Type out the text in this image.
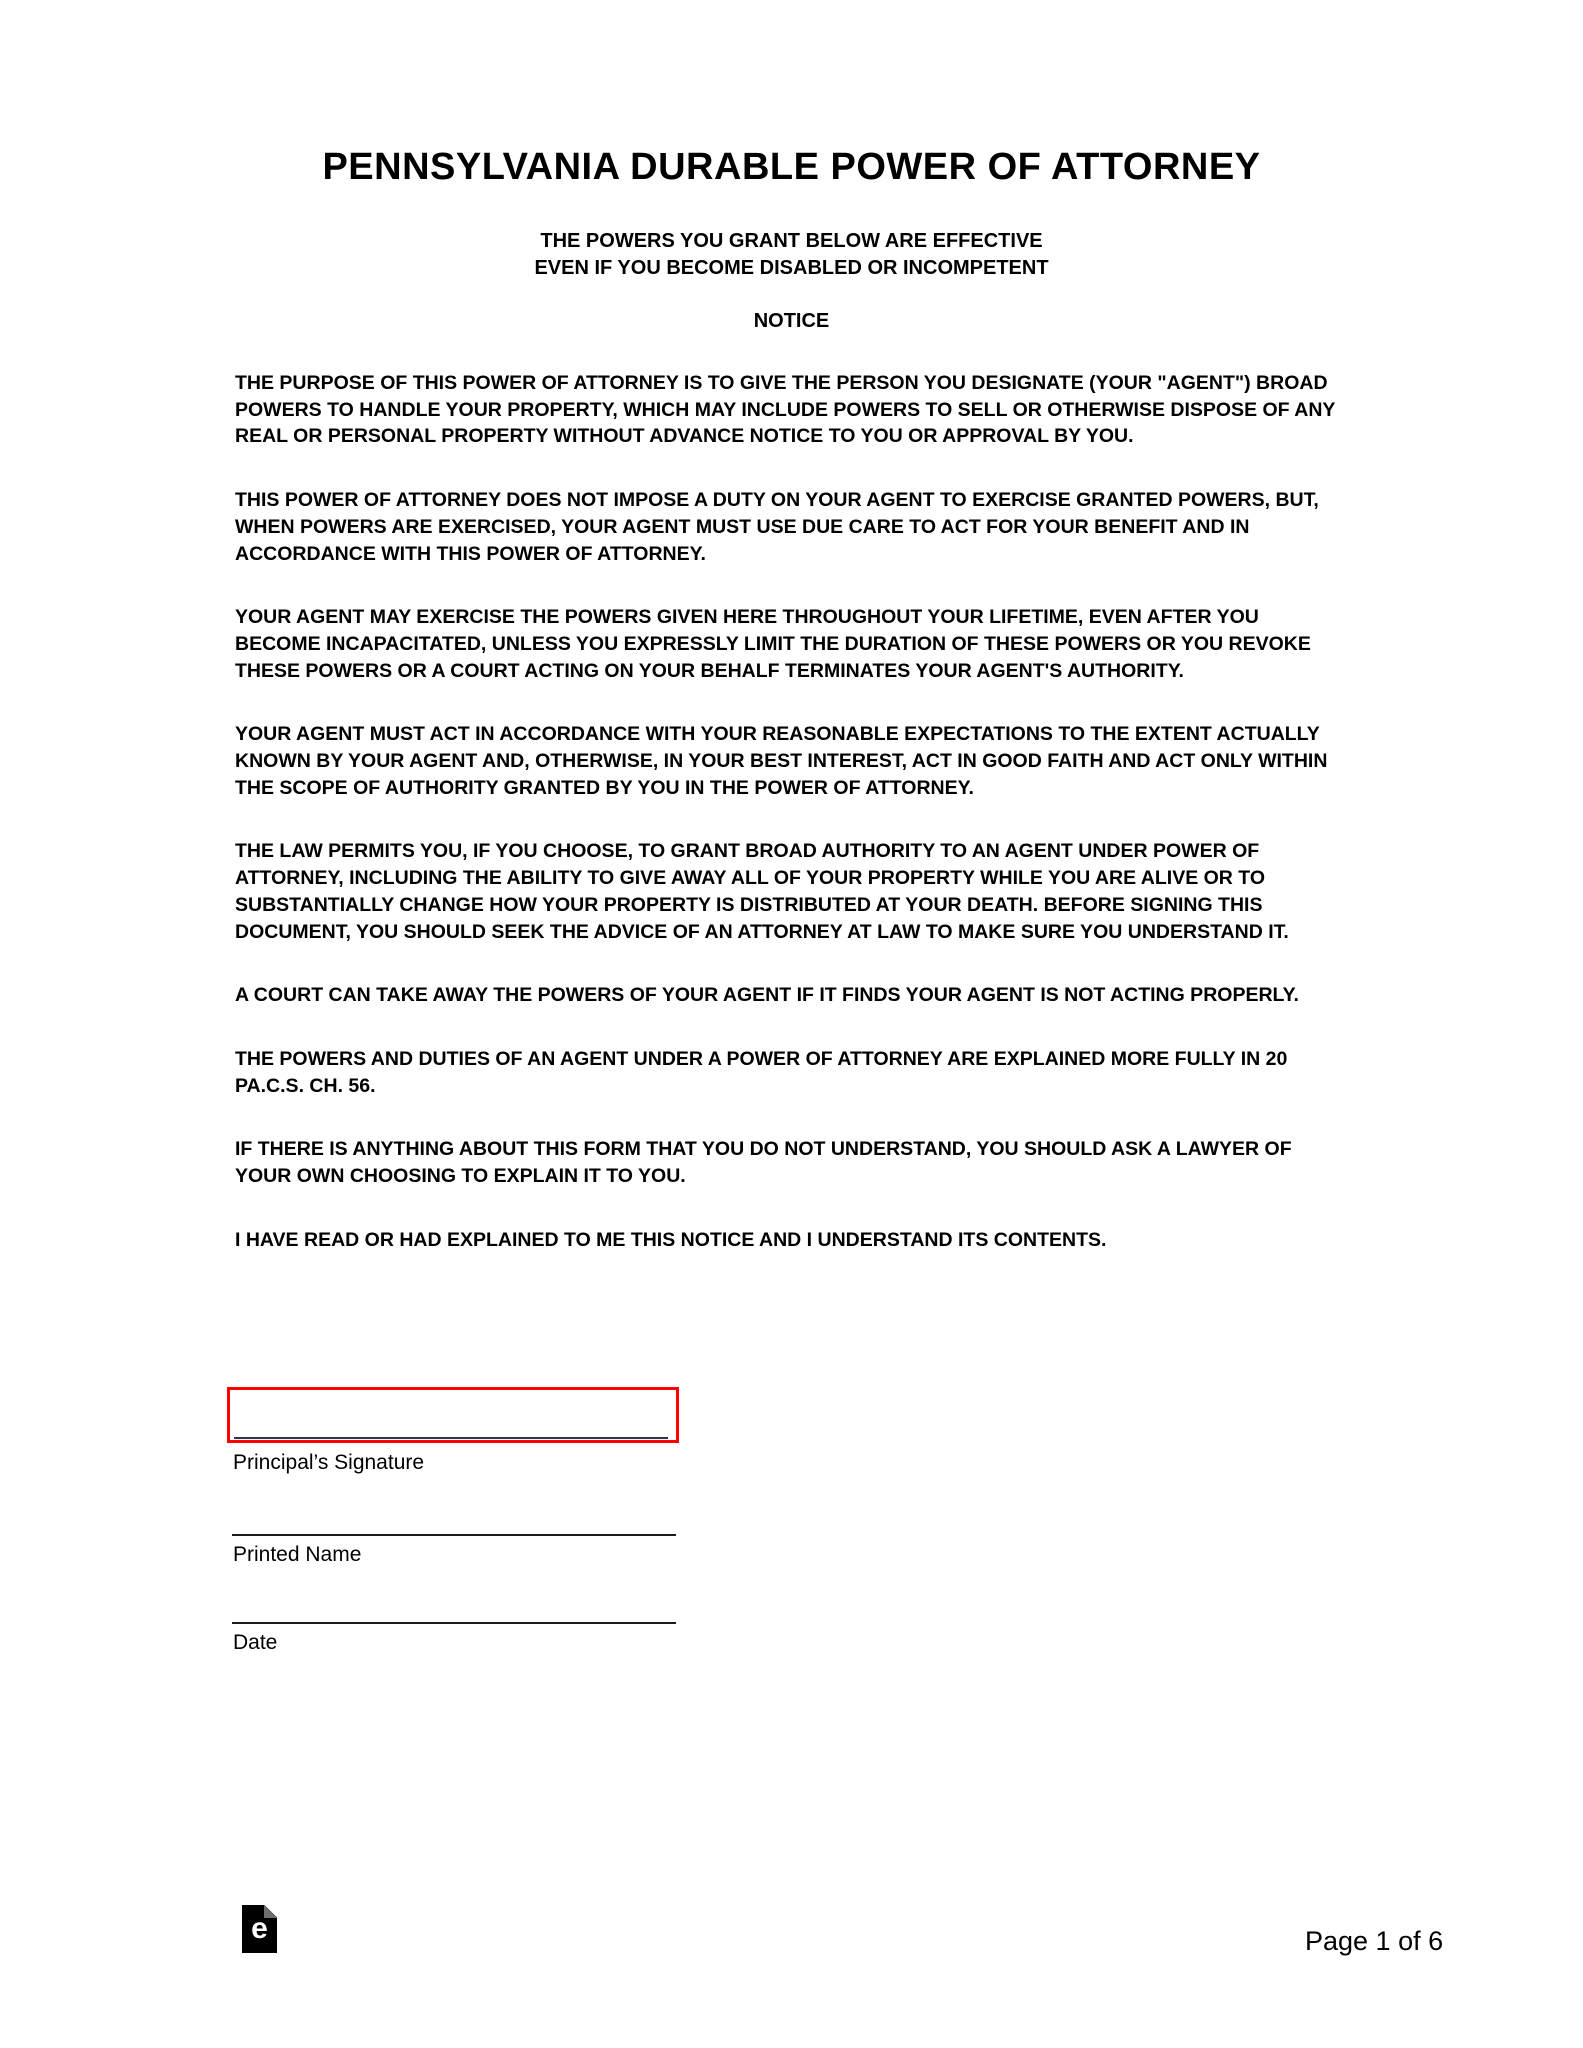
PENNSYLVANIA DURABLE POWER OF ATTORNEY
THE POWERS YOU GRANT BELOW ARE EFFECTIVE
EVEN IF YOU BECOME DISABLED OR INCOMPETENT
NOTICE

THE PURPOSE OF THIS POWER OF ATTORNEY IS TO GIVE THE PERSON YOU DESIGNATE (YOUR "AGENT") BROAD POWERS TO HANDLE YOUR PROPERTY, WHICH MAY INCLUDE POWERS TO SELL OR OTHERWISE DISPOSE OF ANY REAL OR PERSONAL PROPERTY WITHOUT ADVANCE NOTICE TO YOU OR APPROVAL BY YOU.

THIS POWER OF ATTORNEY DOES NOT IMPOSE A DUTY ON YOUR AGENT TO EXERCISE GRANTED POWERS, BUT, WHEN POWERS ARE EXERCISED, YOUR AGENT MUST USE DUE CARE TO ACT FOR YOUR BENEFIT AND IN ACCORDANCE WITH THIS POWER OF ATTORNEY.

YOUR AGENT MAY EXERCISE THE POWERS GIVEN HERE THROUGHOUT YOUR LIFETIME, EVEN AFTER YOU BECOME INCAPACITATED, UNLESS YOU EXPRESSLY LIMIT THE DURATION OF THESE POWERS OR YOU REVOKE THESE POWERS OR A COURT ACTING ON YOUR BEHALF TERMINATES YOUR AGENT'S AUTHORITY.

YOUR AGENT MUST ACT IN ACCORDANCE WITH YOUR REASONABLE EXPECTATIONS TO THE EXTENT ACTUALLY KNOWN BY YOUR AGENT AND, OTHERWISE, IN YOUR BEST INTEREST, ACT IN GOOD FAITH AND ACT ONLY WITHIN THE SCOPE OF AUTHORITY GRANTED BY YOU IN THE POWER OF ATTORNEY.

THE LAW PERMITS YOU, IF YOU CHOOSE, TO GRANT BROAD AUTHORITY TO AN AGENT UNDER POWER OF ATTORNEY, INCLUDING THE ABILITY TO GIVE AWAY ALL OF YOUR PROPERTY WHILE YOU ARE ALIVE OR TO SUBSTANTIALLY CHANGE HOW YOUR PROPERTY IS DISTRIBUTED AT YOUR DEATH. BEFORE SIGNING THIS DOCUMENT, YOU SHOULD SEEK THE ADVICE OF AN ATTORNEY AT LAW TO MAKE SURE YOU UNDERSTAND IT.

A COURT CAN TAKE AWAY THE POWERS OF YOUR AGENT IF IT FINDS YOUR AGENT IS NOT ACTING PROPERLY.

THE POWERS AND DUTIES OF AN AGENT UNDER A POWER OF ATTORNEY ARE EXPLAINED MORE FULLY IN 20 PA.C.S. CH. 56.

IF THERE IS ANYTHING ABOUT THIS FORM THAT YOU DO NOT UNDERSTAND, YOU SHOULD ASK A LAWYER OF YOUR OWN CHOOSING TO EXPLAIN IT TO YOU.

I HAVE READ OR HAD EXPLAINED TO ME THIS NOTICE AND I UNDERSTAND ITS CONTENTS.

Principal’s Signature
Printed Name
Date
e	Page 1 of 6
